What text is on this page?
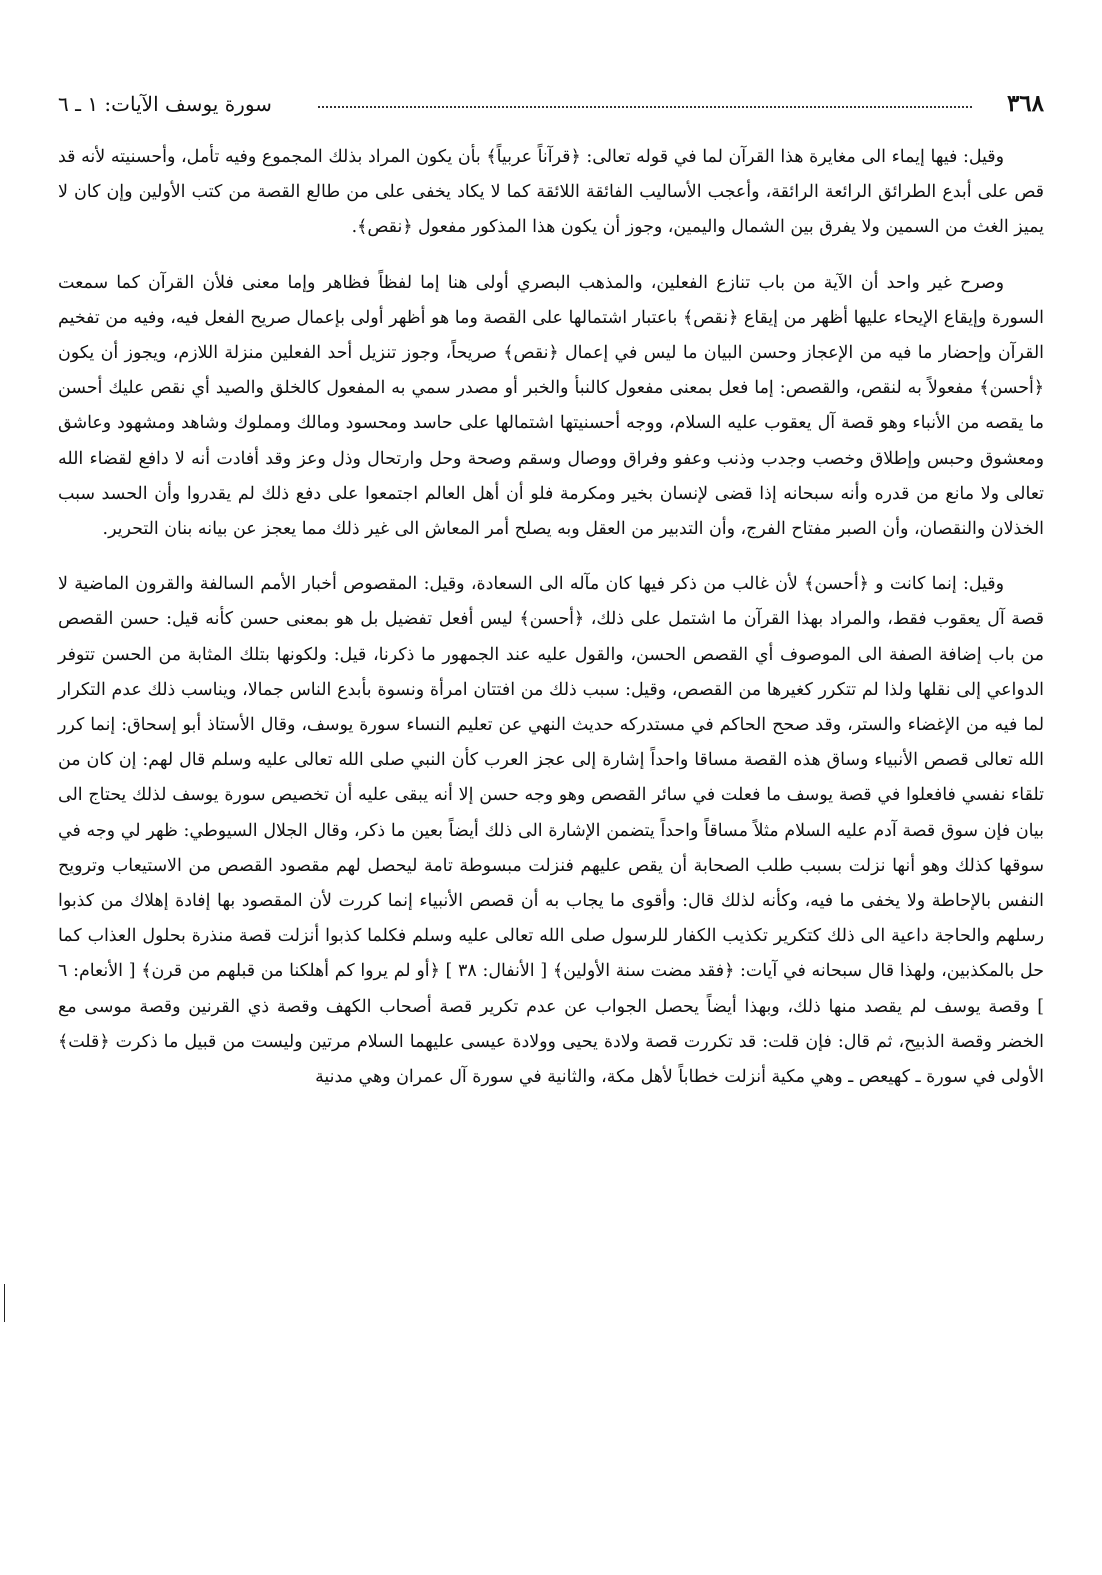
٣٦٨
سورة يوسف الآيات: ١ ـ ٦

وقيل: فيها إيماء الى مغايرة هذا القرآن لما في قوله تعالى: ﴿قرآناً عربياً﴾ بأن يكون المراد بذلك المجموع وفيه تأمل، وأحسنيته لأنه قد قص على أبدع الطرائق الرائعة الرائقة، وأعجب الأساليب الفائقة اللائقة كما لا يكاد يخفى على من طالع القصة من كتب الأولين وإن كان لا يميز الغث من السمين ولا يفرق بين الشمال واليمين، وجوز أن يكون هذا المذكور مفعول ﴿نقص﴾.

وصرح غير واحد أن الآية من باب تنازع الفعلين، والمذهب البصري أولى هنا إما لفظاً فظاهر وإما معنى فلأن القرآن كما سمعت السورة وإيقاع الإيحاء عليها أظهر من إيقاع ﴿نقص﴾ باعتبار اشتمالها على القصة وما هو أظهر أولى بإعمال صريح الفعل فيه، وفيه من تفخيم القرآن وإحضار ما فيه من الإعجاز وحسن البيان ما ليس في إعمال ﴿نقص﴾ صريحاً، وجوز تنزيل أحد الفعلين منزلة اللازم، ويجوز أن يكون ﴿أحسن﴾ مفعولاً به لنقص، والقصص: إما فعل بمعنى مفعول كالنبأ والخبر أو مصدر سمي به المفعول كالخلق والصيد أي نقص عليك أحسن ما يقصه من الأنباء وهو قصة آل يعقوب عليه السلام، ووجه أحسنيتها اشتمالها على حاسد ومحسود ومالك ومملوك وشاهد ومشهود وعاشق ومعشوق وحبس وإطلاق وخصب وجدب وذنب وعفو وفراق ووصال وسقم وصحة وحل وارتحال وذل وعز وقد أفادت أنه لا دافع لقضاء الله تعالى ولا مانع من قدره وأنه سبحانه إذا قضى لإنسان بخير ومكرمة فلو أن أهل العالم اجتمعوا على دفع ذلك لم يقدروا وأن الحسد سبب الخذلان والنقصان، وأن الصبر مفتاح الفرج، وأن التدبير من العقل وبه يصلح أمر المعاش الى غير ذلك مما يعجز عن بيانه بنان التحرير.

وقيل: إنما كانت و ﴿أحسن﴾ لأن غالب من ذكر فيها كان مآله الى السعادة، وقيل: المقصوص أخبار الأمم السالفة والقرون الماضية لا قصة آل يعقوب فقط، والمراد بهذا القرآن ما اشتمل على ذلك، ﴿أحسن﴾ ليس أفعل تفضيل بل هو بمعنى حسن كأنه قيل: حسن القصص من باب إضافة الصفة الى الموصوف أي القصص الحسن، والقول عليه عند الجمهور ما ذكرنا، قيل: ولكونها بتلك المثابة من الحسن تتوفر الدواعي إلى نقلها ولذا لم تتكرر كغيرها من القصص، وقيل: سبب ذلك من افتتان امرأة ونسوة بأبدع الناس جمالا، ويناسب ذلك عدم التكرار لما فيه من الإغضاء والستر، وقد صحح الحاكم في مستدركه حديث النهي عن تعليم النساء سورة يوسف، وقال الأستاذ أبو إسحاق: إنما كرر الله تعالى قصص الأنبياء وساق هذه القصة مساقا واحداً إشارة إلى عجز العرب كأن النبي صلى الله تعالى عليه وسلم قال لهم: إن كان من تلقاء نفسي فافعلوا في قصة يوسف ما فعلت في سائر القصص وهو وجه حسن إلا أنه يبقى عليه أن تخصيص سورة يوسف لذلك يحتاج الى بيان فإن سوق قصة آدم عليه السلام مثلاً مساقاً واحداً يتضمن الإشارة الى ذلك أيضاً بعين ما ذكر، وقال الجلال السيوطي: ظهر لي وجه في سوقها كذلك وهو أنها نزلت بسبب طلب الصحابة أن يقص عليهم فنزلت مبسوطة تامة ليحصل لهم مقصود القصص من الاستيعاب وترويح النفس بالإحاطة ولا يخفى ما فيه، وكأنه لذلك قال: وأقوى ما يجاب به أن قصص الأنبياء إنما كررت لأن المقصود بها إفادة إهلاك من كذبوا رسلهم والحاجة داعية الى ذلك كتكرير تكذيب الكفار للرسول صلى الله تعالى عليه وسلم فكلما كذبوا أنزلت قصة منذرة بحلول العذاب كما حل بالمكذبين، ولهذا قال سبحانه في آيات: ﴿فقد مضت سنة الأولين﴾ [ الأنفال: ٣٨ ] ﴿أو لم يروا كم أهلكنا من قبلهم من قرن﴾ [ الأنعام: ٦ ] وقصة يوسف لم يقصد منها ذلك، وبهذا أيضاً يحصل الجواب عن عدم تكرير قصة أصحاب الكهف وقصة ذي القرنين وقصة موسى مع الخضر وقصة الذبيح، ثم قال: فإن قلت: قد تكررت قصة ولادة يحيى وولادة عيسى عليهما السلام مرتين وليست من قبيل ما ذكرت ﴿قلت﴾ الأولى في سورة ـ كهيعص ـ وهي مكية أنزلت خطاباً لأهل مكة، والثانية في سورة آل عمران وهي مدنية
